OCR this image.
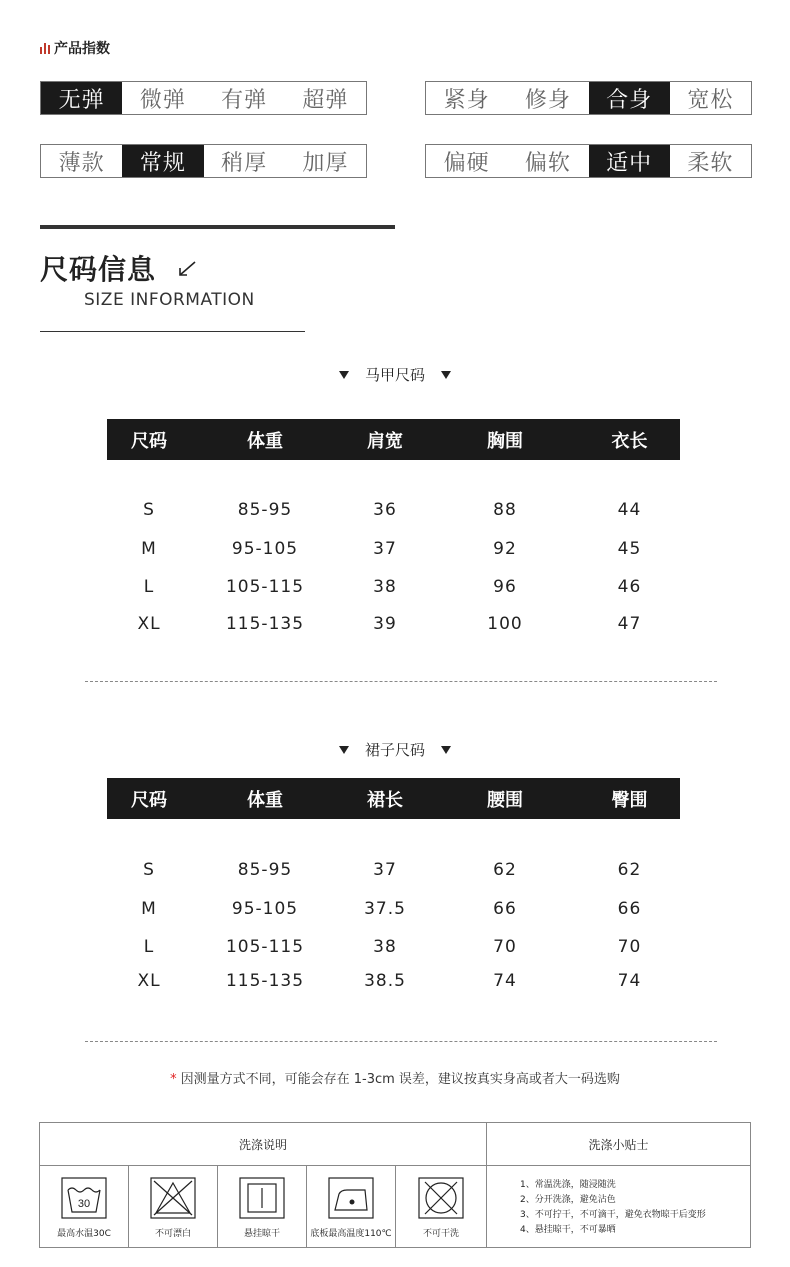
产品指数
无弹	微弹	有弹	超弹	紧身	修身	合身	宽松
薄款	常规	稍厚	加厚	偏硬	偏软	适中	柔软
尺码信息
SIZE INFORMATION
马甲尺码
尺码	体重	肩宽	胸围	衣长
S	85-95	36	88	44
M	95-105	37	92	45
L	105-115	38	96	46
XL	115-135	39	100	47
裙子尺码
尺码	体重	裙长	腰围	臀围
S	85-95	37	62	62
M	95-105	37.5	66	66
L	105-115	38	70	70
XL	115-135	38.5	74	74
* 因测量方式不同，可能会存在 1-3cm 误差，建议按真实身高或者大一码选购
洗涤说明	洗涤小贴士
30
最高水温30C	不可漂白	悬挂晾干	底板最高温度110℃	不可干洗
1、常温洗涤，随浸随洗
2、分开洗涤，避免沾色
3、不可拧干，不可滴干，避免衣物晾干后变形
4、悬挂晾干，不可暴晒
